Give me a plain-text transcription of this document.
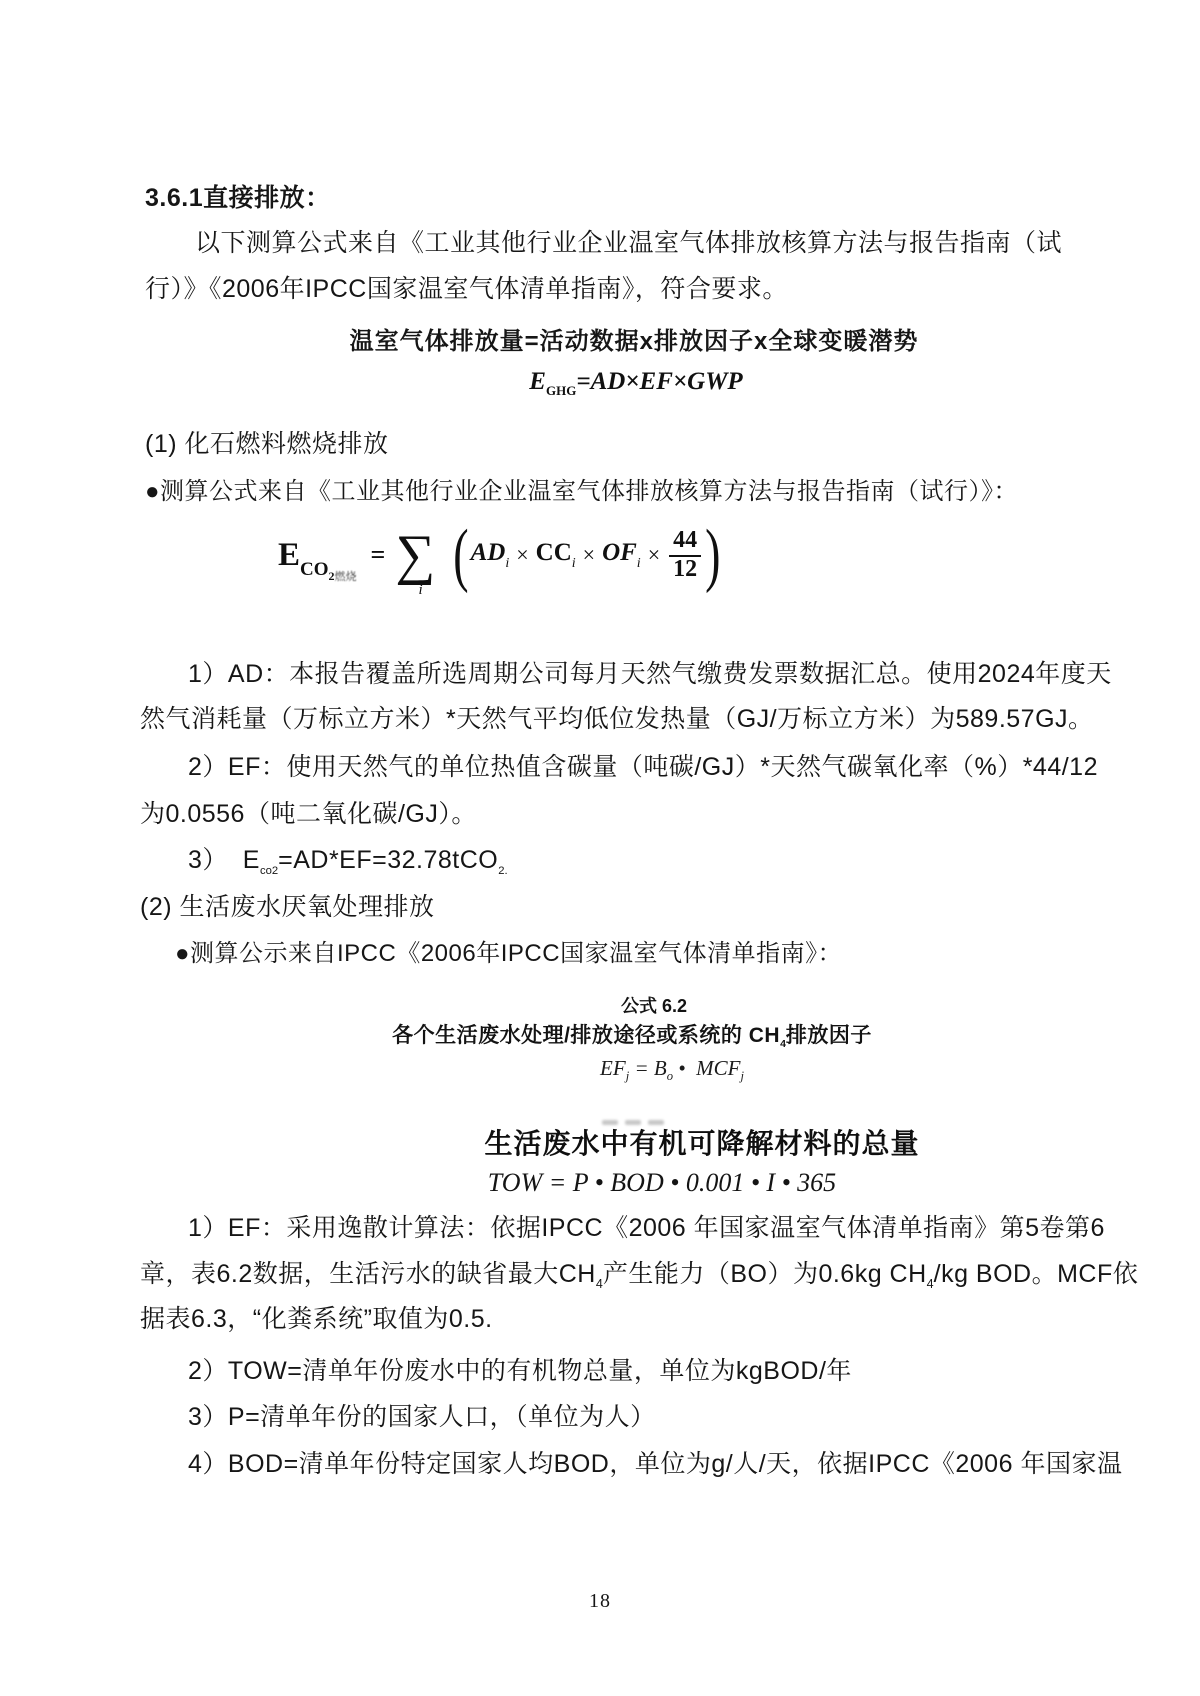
3.6.1直接排放：
以下测算公式来自《工业其他行业企业温室气体排放核算方法与报告指南（试
行）》《2006年IPCC国家温室气体清单指南》，符合要求。
温室气体排放量=活动数据x排放因子x全球变暖潜势
$E_{GHG}=AD\times EF\times GWP$
(1) 化石燃料燃烧排放
●测算公式来自《工业其他行业企业温室气体排放核算方法与报告指南（试行）》：
$ECO_{2燃烧}$
= ∑
i ( ADi × CCi × OFi × $\frac{44}{12}$ )
1）AD：本报告覆盖所选周期公司每月天然气缴费发票数据汇总。使用2024年度天
然气消耗量（万标立方米）*天然气平均低位发热量（GJ/万标立方米）为589.57GJ。
2）EF：使用天然气的单位热值含碳量（吨碳/GJ）*天然气碳氧化率（%）*44/12
为0.0556（吨二氧化碳/GJ）。
3）  $E_{co2}=AD*EF=32.78tCO_{2.}$
(2) 生活废水厌氧处理排放
●测算公示来自IPCC《2006年IPCC国家温室气体清单指南》：
公式 6.2
各个生活废水处理/排放途径或系统的 $CH_4$排放因子
$EF_j = B_o$ •  $MCF_j$
生活废水中有机可降解材料的总量
TOW = P • BOD • 0.001 • I • 365
1）EF：采用逸散计算法：依据IPCC《2006 年国家温室气体清单指南》第5卷第6
章，表6.2数据，生活污水的缺省最大$CH_4$产生能力（BO）为0.6kg $CH_4/kg$ BOD。MCF依
据表6.3，“化粪系统”取值为0.5.
2）TOW=清单年份废水中的有机物总量，单位为kgBOD/年
3）P=清单年份的国家人口，（单位为人）
4）BOD=清单年份特定国家人均BOD，单位为g/人/天，依据IPCC《2006 年国家温
18
